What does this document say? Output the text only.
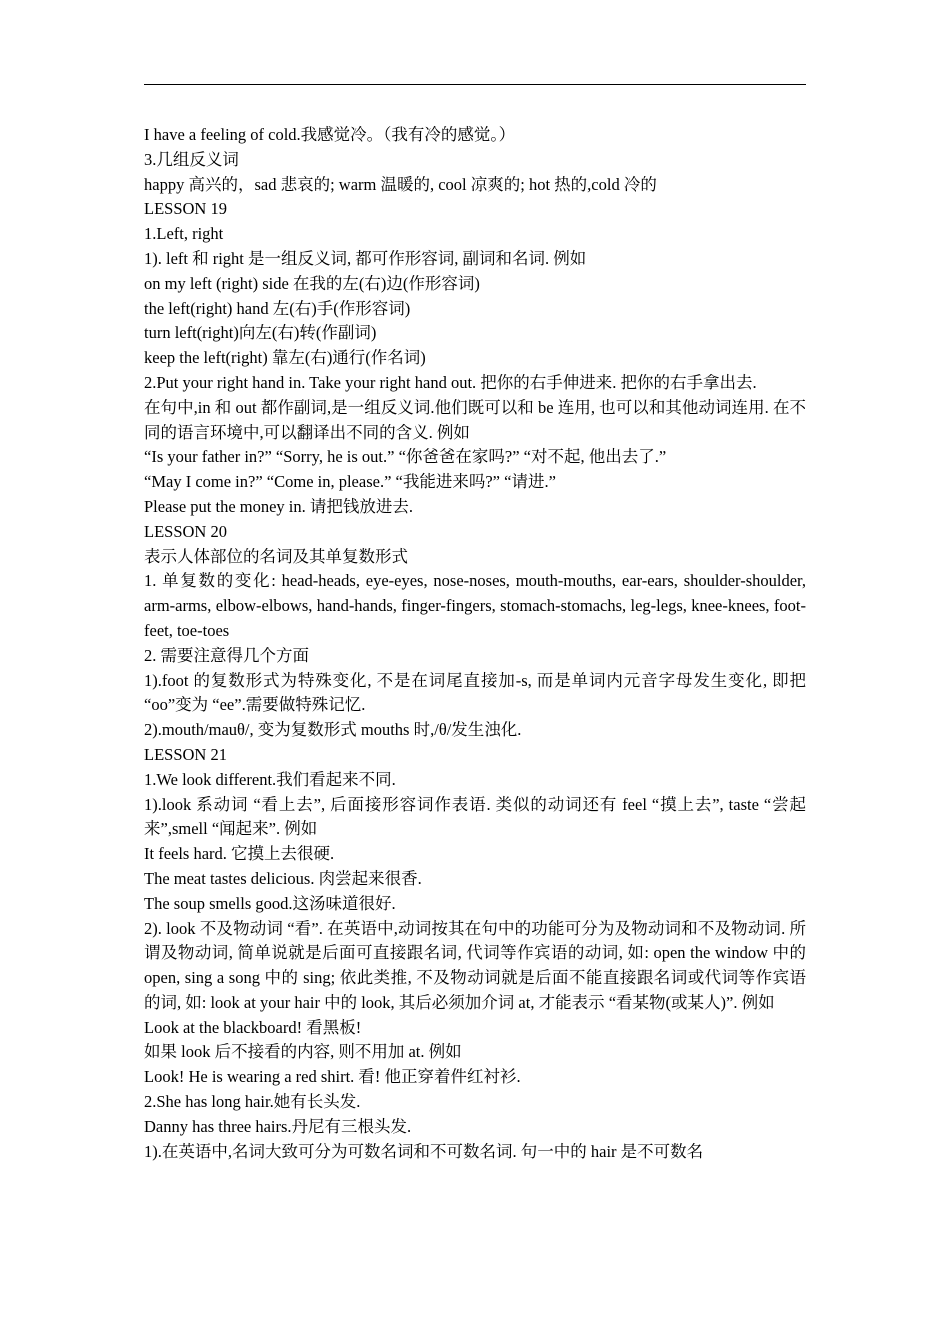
I have a feeling of cold.我感觉冷。（我有冷的感觉。）

3.几组反义词

happy 高兴的，sad 悲哀的; warm 温暖的, cool 凉爽的; hot 热的,cold 冷的

LESSON 19

1.Left, right

1). left 和 right 是一组反义词, 都可作形容词, 副词和名词. 例如

on my left (right) side 在我的左(右)边(作形容词)

the left(right) hand 左(右)手(作形容词)

turn left(right)向左(右)转(作副词)

keep the left(right) 靠左(右)通行(作名词)

2.Put your right hand in. Take your right hand out. 把你的右手伸进来. 把你的右手拿出去.

在句中,in 和 out 都作副词,是一组反义词.他们既可以和 be 连用, 也可以和其他动词连用. 在不同的语言环境中,可以翻译出不同的含义. 例如

“Is your father in?” “Sorry, he is out.” “你爸爸在家吗?” “对不起, 他出去了.”

“May I come in?” “Come in, please.” “我能进来吗?” “请进.”

Please put the money in. 请把钱放进去.

LESSON 20

表示人体部位的名词及其单复数形式

1. 单复数的变化: head-heads, eye-eyes, nose-noses, mouth-mouths, ear-ears, shoulder-shoulder, arm-arms, elbow-elbows, hand-hands, finger-fingers, stomach-stomachs, leg-legs, knee-knees, foot-feet, toe-toes

2. 需要注意得几个方面

1).foot 的复数形式为特殊变化, 不是在词尾直接加-s, 而是单词内元音字母发生变化, 即把 “oo”变为 “ee”.需要做特殊记忆.

2).mouth/mauθ/, 变为复数形式 mouths 时,/θ/发生浊化.

LESSON 21

1.We look different.我们看起来不同.

1).look 系动词 “看上去”, 后面接形容词作表语. 类似的动词还有 feel “摸上去”, taste “尝起来”,smell “闻起来”. 例如

It feels hard. 它摸上去很硬.

The meat tastes delicious. 肉尝起来很香.

The soup smells good.这汤味道很好.

2). look 不及物动词 “看”. 在英语中,动词按其在句中的功能可分为及物动词和不及物动词. 所谓及物动词, 简单说就是后面可直接跟名词, 代词等作宾语的动词, 如: open the window 中的 open, sing a song 中的 sing; 依此类推, 不及物动词就是后面不能直接跟名词或代词等作宾语的词, 如: look at your hair 中的 look, 其后必须加介词 at, 才能表示 “看某物(或某人)”. 例如

Look at the blackboard! 看黑板!

如果 look 后不接看的内容, 则不用加 at. 例如

Look! He is wearing a red shirt. 看! 他正穿着件红衬衫.

2.She has long hair.她有长头发.

Danny has three hairs.丹尼有三根头发.

1).在英语中,名词大致可分为可数名词和不可数名词. 句一中的 hair 是不可数名
